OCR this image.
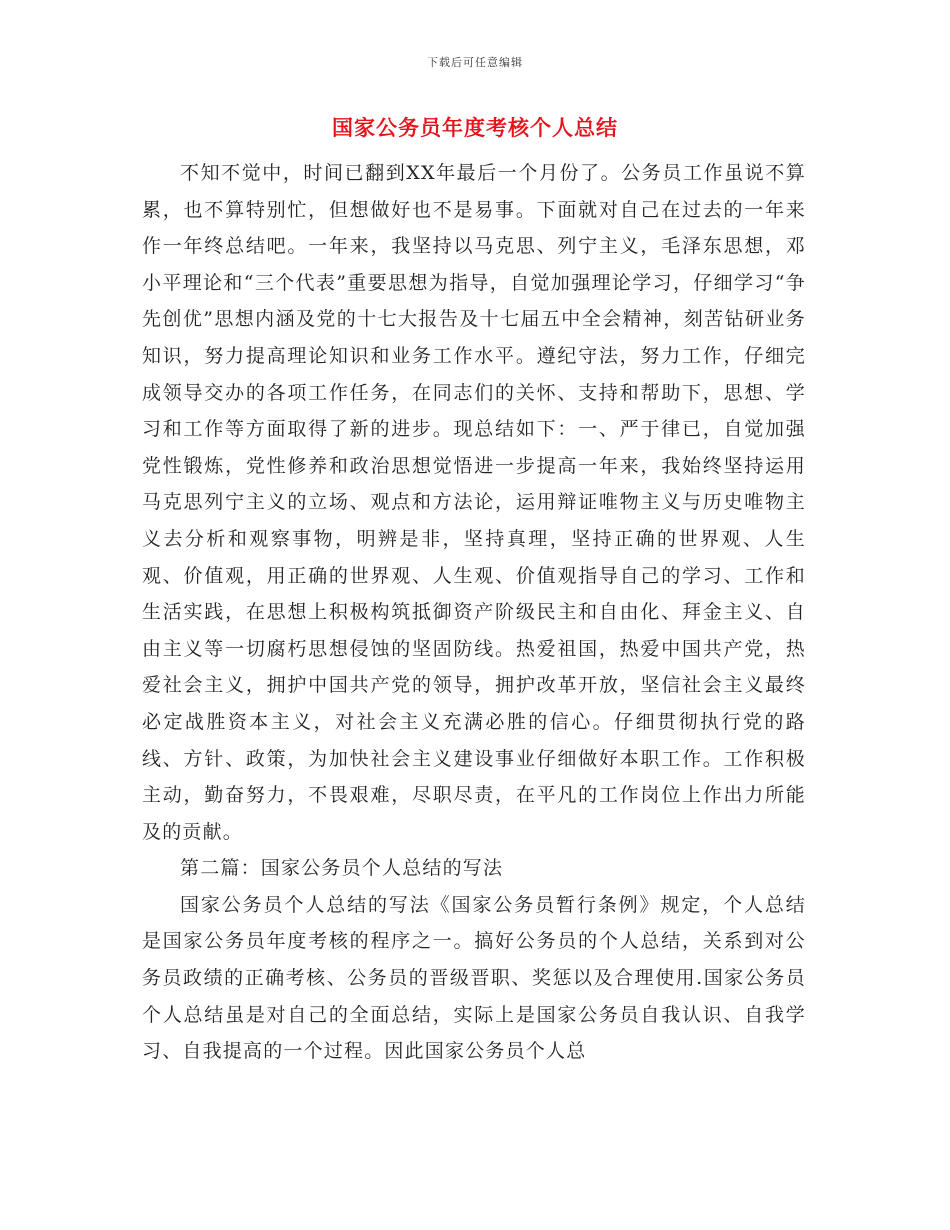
下载后可任意编辑
国家公务员年度考核个人总结

不知不觉中，时间已翻到XX年最后一个月份了。公务员工作虽说不算累，也不算特别忙，但想做好也不是易事。下面就对自己在过去的一年来作一年终总结吧。一年来，我坚持以马克思、列宁主义，毛泽东思想，邓小平理论和“三个代表”重要思想为指导，自觉加强理论学习，仔细学习“争先创优”思想内涵及党的十七大报告及十七届五中全会精神，刻苦钻研业务知识，努力提高理论知识和业务工作水平。遵纪守法，努力工作，仔细完成领导交办的各项工作任务，在同志们的关怀、支持和帮助下，思想、学习和工作等方面取得了新的进步。现总结如下：一、严于律已，自觉加强党性锻炼，党性修养和政治思想觉悟进一步提高一年来，我始终坚持运用马克思列宁主义的立场、观点和方法论，运用辩证唯物主义与历史唯物主义去分析和观察事物，明辨是非，坚持真理，坚持正确的世界观、人生观、价值观，用正确的世界观、人生观、价值观指导自己的学习、工作和生活实践，在思想上积极构筑抵御资产阶级民主和自由化、拜金主义、自由主义等一切腐朽思想侵蚀的坚固防线。热爱祖国，热爱中国共产党，热爱社会主义，拥护中国共产党的领导，拥护改革开放，坚信社会主义最终必定战胜资本主义，对社会主义充满必胜的信心。仔细贯彻执行党的路线、方针、政策，为加快社会主义建设事业仔细做好本职工作。工作积极主动，勤奋努力，不畏艰难，尽职尽责，在平凡的工作岗位上作出力所能及的贡献。

第二篇：国家公务员个人总结的写法

国家公务员个人总结的写法《国家公务员暂行条例》规定，个人总结是国家公务员年度考核的程序之一。搞好公务员的个人总结，关系到对公务员政绩的正确考核、公务员的晋级晋职、奖惩以及合理使用.国家公务员个人总结虽是对自己的全面总结，实际上是国家公务员自我认识、自我学习、自我提高的一个过程。因此国家公务员个人总
